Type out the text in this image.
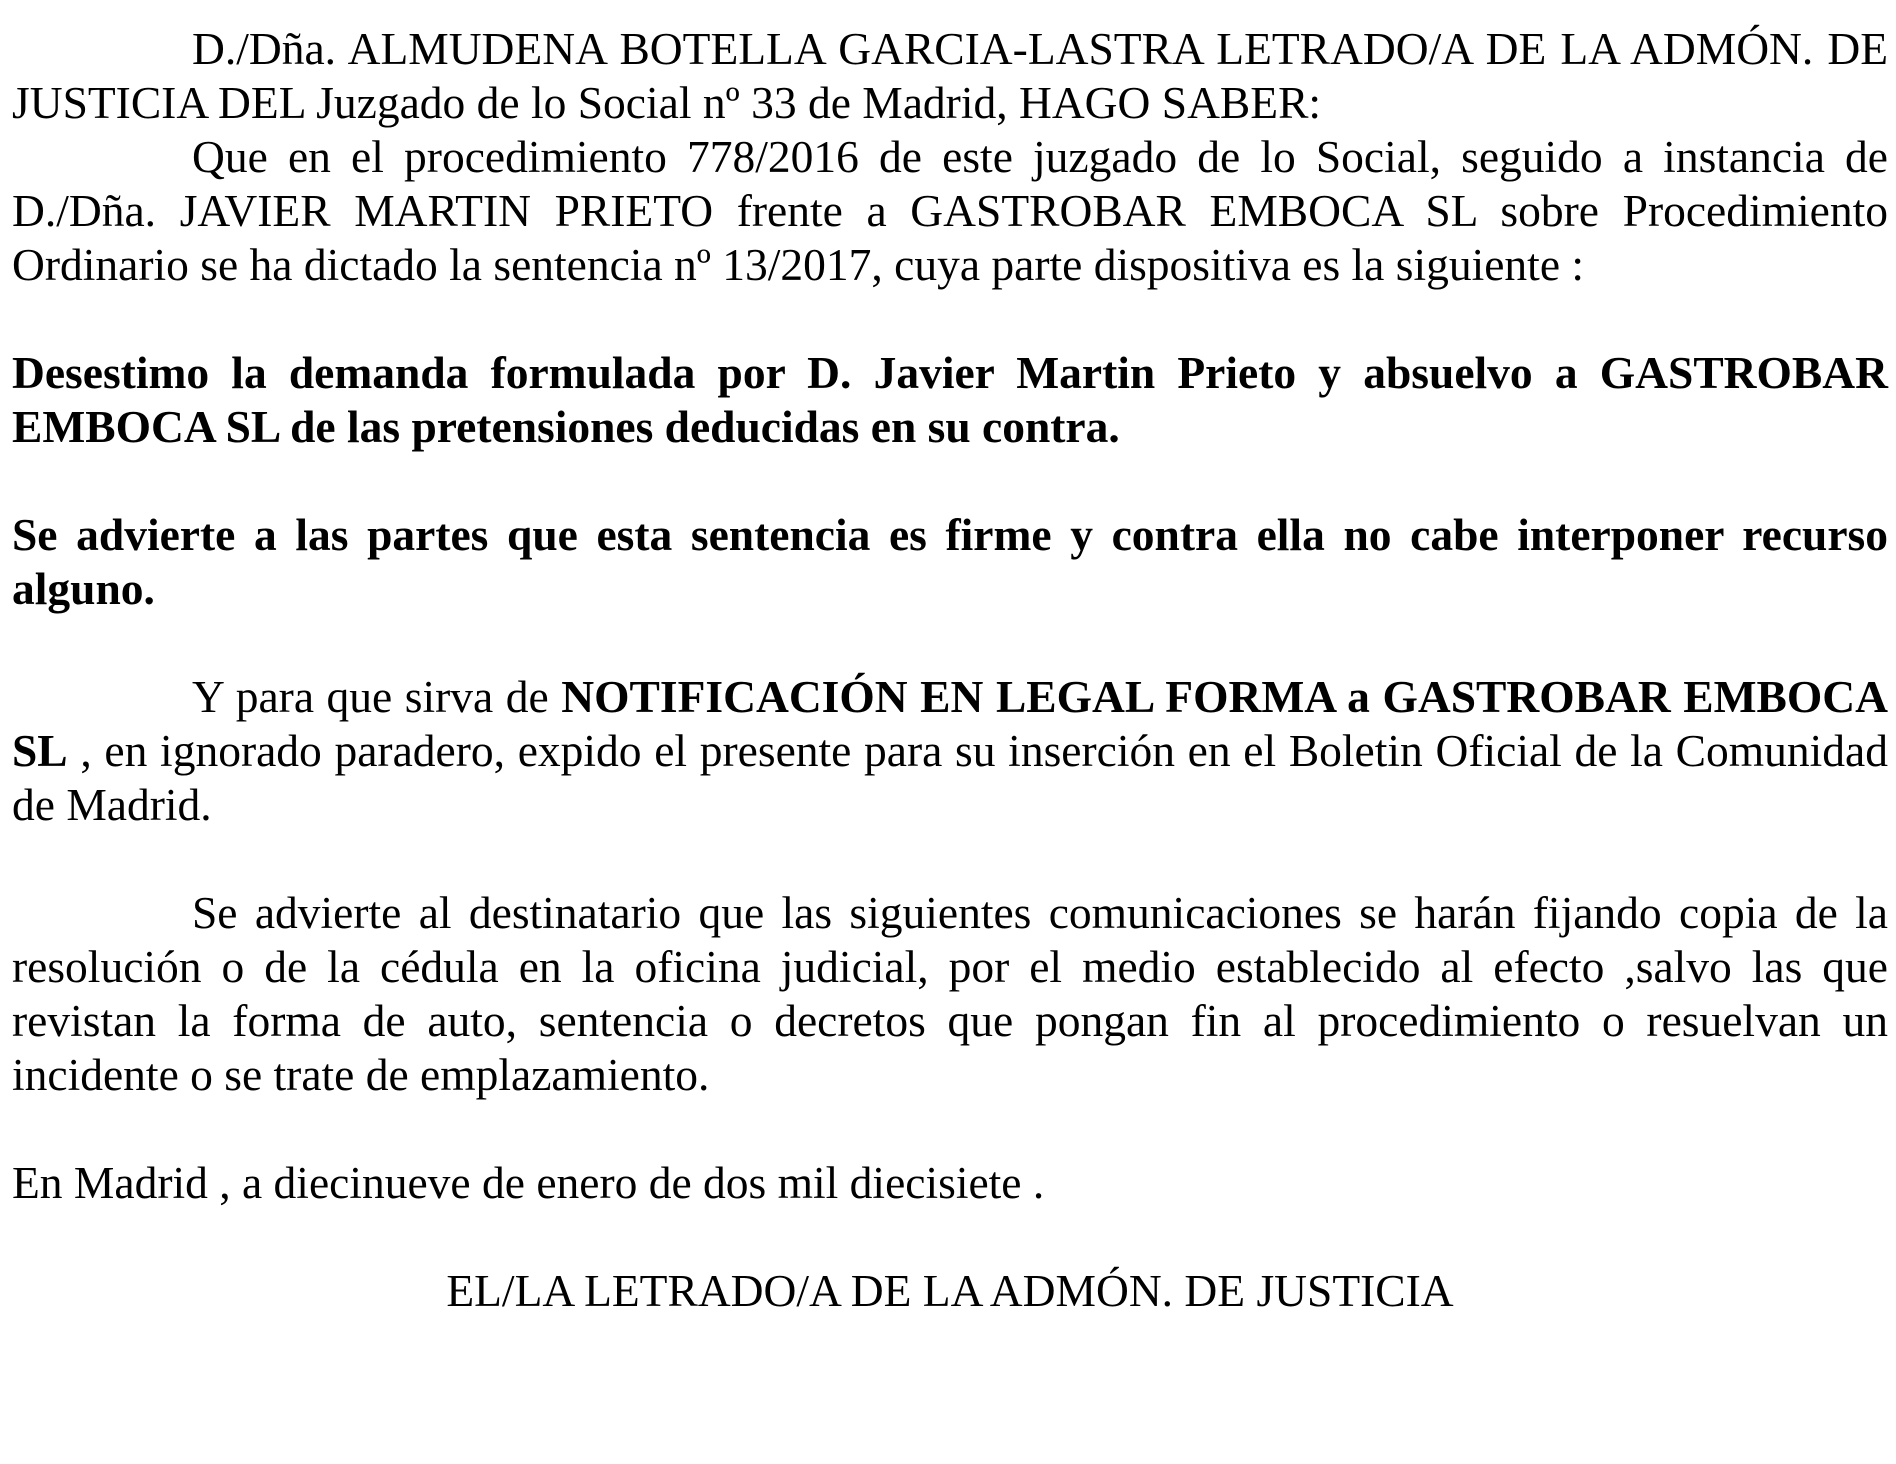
D./Dña. ALMUDENA BOTELLA GARCIA-LASTRA LETRADO/A DE LA ADMÓN. DE JUSTICIA DEL Juzgado de lo Social nº 33 de Madrid, HAGO SABER:

Que en el procedimiento 778/2016 de este juzgado de lo Social, seguido a instancia de D./Dña. JAVIER MARTIN PRIETO frente a GASTROBAR EMBOCA SL sobre Procedimiento Ordinario se ha dictado la sentencia nº 13/2017, cuya parte dispositiva es la siguiente :

Desestimo la demanda formulada por D. Javier Martin Prieto y absuelvo a GASTROBAR EMBOCA SL de las pretensiones deducidas en su contra.

Se advierte a las partes que esta sentencia es firme y contra ella no cabe interponer recurso alguno.

Y para que sirva de NOTIFICACIÓN EN LEGAL FORMA a GASTROBAR EMBOCA SL , en ignorado paradero, expido el presente para su inserción en el Boletin Oficial de la Comunidad de Madrid.

Se advierte al destinatario que las siguientes comunicaciones se harán fijando copia de la resolución o de la cédula en la oficina judicial, por el medio establecido al efecto ,salvo las que revistan la forma de auto, sentencia o decretos que pongan fin al procedimiento o resuelvan un incidente o se trate de emplazamiento.

En Madrid , a diecinueve de enero de dos mil diecisiete .

EL/LA LETRADO/A DE LA ADMÓN. DE JUSTICIA
